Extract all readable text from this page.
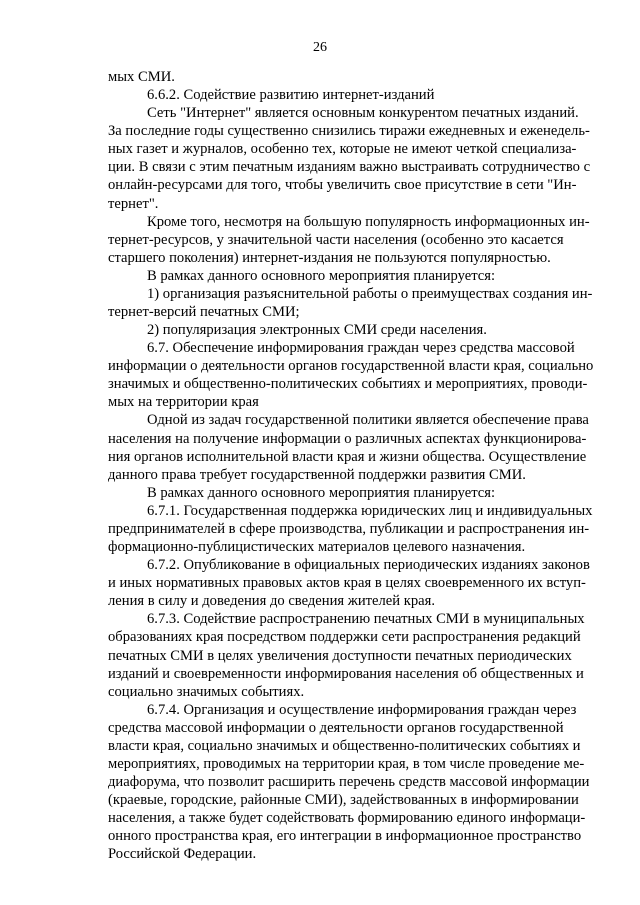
26
мых СМИ.
6.6.2. Содействие развитию интернет-изданий
Сеть "Интернет" является основным конкурентом печатных изданий.
За последние годы существенно снизились тиражи ежедневных и еженедель-
ных газет и журналов, особенно тех, которые не имеют четкой специализа-
ции. В связи с этим печатным изданиям важно выстраивать сотрудничество с
онлайн-ресурсами для того, чтобы увеличить свое присутствие в сети "Ин-
тернет".
Кроме того, несмотря на большую популярность информационных ин-
тернет-ресурсов, у значительной части населения (особенно это касается
старшего поколения) интернет-издания не пользуются популярностью.
В рамках данного основного мероприятия планируется:
1) организация разъяснительной работы о преимуществах создания ин-
тернет-версий печатных СМИ;
2) популяризация электронных СМИ среди населения.
6.7. Обеспечение информирования граждан через средства массовой
информации о деятельности органов государственной власти края, социально
значимых и общественно-политических событиях и мероприятиях, проводи-
мых на территории края
Одной из задач государственной политики является обеспечение права
населения на получение информации о различных аспектах функционирова-
ния органов исполнительной власти края и жизни общества. Осуществление
данного права требует государственной поддержки развития СМИ.
В рамках данного основного мероприятия планируется:
6.7.1. Государственная поддержка юридических лиц и индивидуальных
предпринимателей в сфере производства, публикации и распространения ин-
формационно-публицистических материалов целевого назначения.
6.7.2. Опубликование в официальных периодических изданиях законов
и иных нормативных правовых актов края в целях своевременного их вступ-
ления в силу и доведения до сведения жителей края.
6.7.3. Содействие распространению печатных СМИ в муниципальных
образованиях края посредством поддержки сети распространения редакций
печатных СМИ в целях увеличения доступности печатных периодических
изданий и своевременности информирования населения об общественных и
социально значимых событиях.
6.7.4. Организация и осуществление информирования граждан через
средства массовой информации о деятельности органов государственной
власти края, социально значимых и общественно-политических событиях и
мероприятиях, проводимых на территории края, в том числе проведение ме-
диафорума, что позволит расширить перечень средств массовой информации
(краевые, городские, районные СМИ), задействованных в информировании
населения, а также будет содействовать формированию единого информаци-
онного пространства края, его интеграции в информационное пространство
Российской Федерации.
